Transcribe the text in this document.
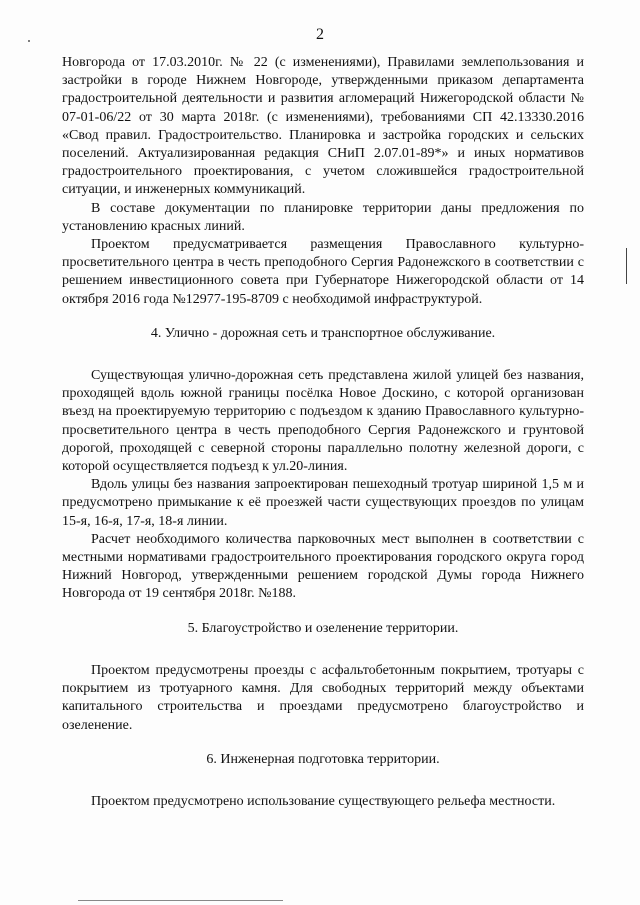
2

Новгорода от 17.03.2010г. № 22 (с изменениями), Правилами землепользования и застройки в городе Нижнем Новгороде, утвержденными приказом департамента градостроительной деятельности и развития агломераций Нижегородской области № 07-01-06/22 от 30 марта 2018г. (с изменениями), требованиями СП 42.13330.2016 «Свод правил. Градостроительство. Планировка и застройка городских и сельских поселений. Актуализированная редакция СНиП 2.07.01-89*» и иных нормативов градостроительного проектирования, с учетом сложившейся градостроительной ситуации, и инженерных коммуникаций.

В составе документации по планировке территории даны предложения по установлению красных линий.

Проектом предусматривается размещения Православного культурно-просветительного центра в честь преподобного Сергия Радонежского в соответствии с решением инвестиционного совета при Губернаторе Нижегородской области от 14 октября 2016 года №12977-195-8709 с необходимой инфраструктурой.

4. Улично - дорожная сеть и транспортное обслуживание.

Существующая улично-дорожная сеть представлена жилой улицей без названия, проходящей вдоль южной границы посёлка Новое Доскино, с которой организован въезд на проектируемую территорию с подъездом к зданию Православного культурно-просветительного центра в честь преподобного Сергия Радонежского и грунтовой дорогой, проходящей с северной стороны параллельно полотну железной дороги, с которой осуществляется подъезд к ул.20-линия.

Вдоль улицы без названия запроектирован пешеходный тротуар шириной 1,5 м и предусмотрено примыкание к её проезжей части существующих проездов по улицам 15-я, 16-я, 17-я, 18-я линии.

Расчет необходимого количества парковочных мест выполнен в соответствии с местными нормативами градостроительного проектирования городского округа город Нижний Новгород, утвержденными решением городской Думы города Нижнего Новгорода от 19 сентября 2018г. №188.

5. Благоустройство и озеленение территории.

Проектом предусмотрены проезды с асфальтобетонным покрытием, тротуары с покрытием из тротуарного камня. Для свободных территорий между объектами капитального строительства и проездами предусмотрено благоустройство и озеленение.

6. Инженерная подготовка территории.

Проектом предусмотрено использование существующего рельефа местности.
